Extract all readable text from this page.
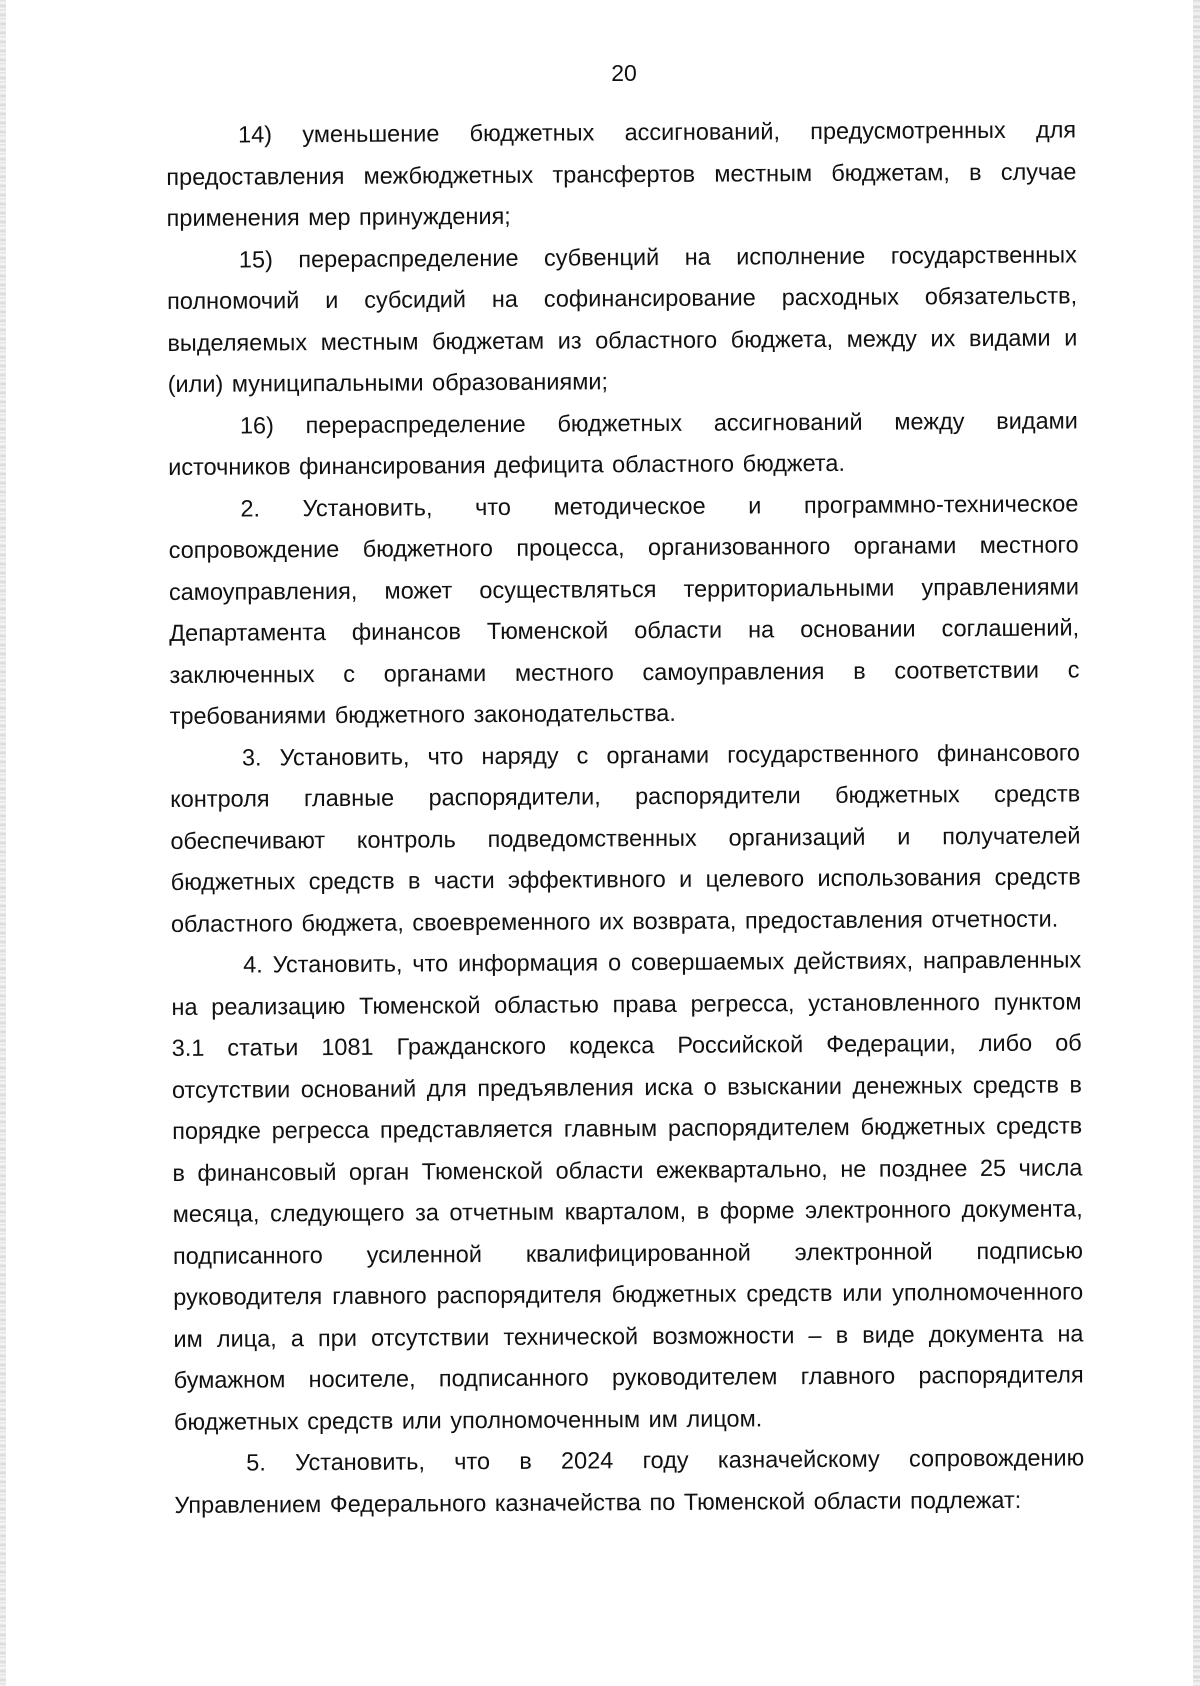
20

14) уменьшение бюджетных ассигнований, предусмотренных для предоставления межбюджетных трансфертов местным бюджетам, в случае применения мер принуждения;

15) перераспределение субвенций на исполнение государственных полномочий и субсидий на софинансирование расходных обязательств, выделяемых местным бюджетам из областного бюджета, между их видами и (или) муниципальными образованиями;

16) перераспределение бюджетных ассигнований между видами источников финансирования дефицита областного бюджета.

2. Установить, что методическое и программно-техническое сопровождение бюджетного процесса, организованного органами местного самоуправления, может осуществляться территориальными управлениями Департамента финансов Тюменской области на основании соглашений, заключенных с органами местного самоуправления в соответствии с требованиями бюджетного законодательства.

3. Установить, что наряду с органами государственного финансового контроля главные распорядители, распорядители бюджетных средств обеспечивают контроль подведомственных организаций и получателей бюджетных средств в части эффективного и целевого использования средств областного бюджета, своевременного их возврата, предоставления отчетности.

4. Установить, что информация о совершаемых действиях, направленных на реализацию Тюменской областью права регресса, установленного пунктом 3.1 статьи 1081 Гражданского кодекса Российской Федерации, либо об отсутствии оснований для предъявления иска о взыскании денежных средств в порядке регресса представляется главным распорядителем бюджетных средств в финансовый орган Тюменской области ежеквартально, не позднее 25 числа месяца, следующего за отчетным кварталом, в форме электронного документа, подписанного усиленной квалифицированной электронной подписью руководителя главного распорядителя бюджетных средств или уполномоченного им лица, а при отсутствии технической возможности – в виде документа на бумажном носителе, подписанного руководителем главного распорядителя бюджетных средств или уполномоченным им лицом.

5. Установить, что в 2024 году казначейскому сопровождению Управлением Федерального казначейства по Тюменской области подлежат:
